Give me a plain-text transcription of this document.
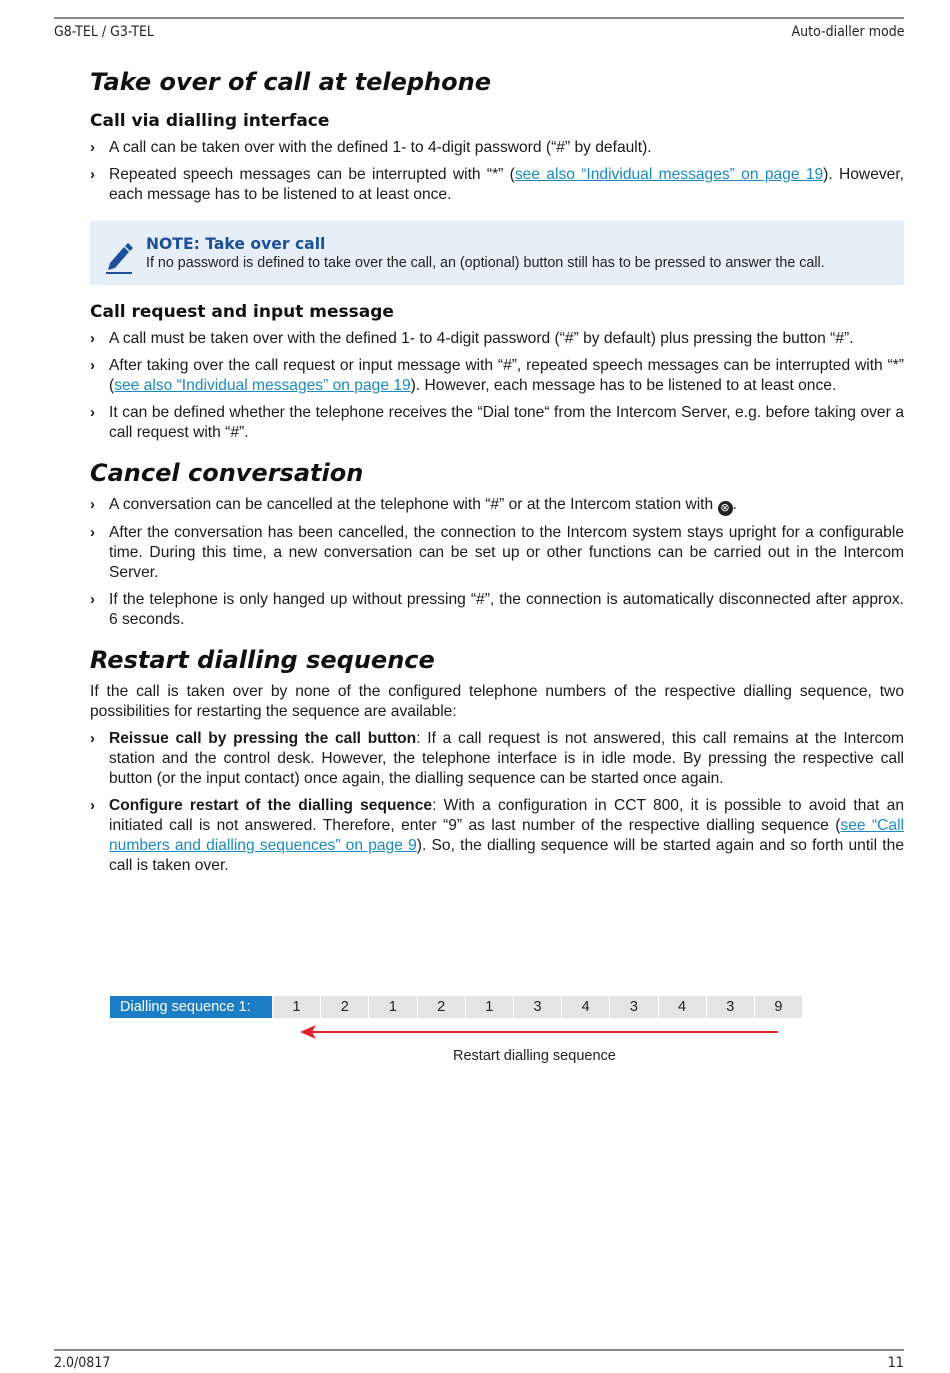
G8-TEL / G3-TEL	Auto-dialler mode
Take over of call at telephone
Call via dialling interface
› A call can be taken over with the defined 1- to 4-digit password (“#” by default).
› Repeated speech messages can be interrupted with “*” (see also “Individual messages” on page 19). However, each message has to be listened to at least once.
NOTE: Take over call
If no password is defined to take over the call, an (optional) button still has to be pressed to answer the call.
Call request and input message
› A call must be taken over with the defined 1- to 4-digit password (“#” by default) plus pressing the button “#”.
› After taking over the call request or input message with “#”, repeated speech messages can be interrupted with “*” (see also “Individual messages” on page 19). However, each message has to be listened to at least once.
› It can be defined whether the telephone receives the “Dial tone“ from the Intercom Server, e.g. before taking over a call request with “#”.
Cancel conversation
› A conversation can be cancelled at the telephone with “#” or at the Intercom station with ⊗ .
› After the conversation has been cancelled, the connection to the Intercom system stays upright for a configurable time. During this time, a new conversation can be set up or other functions can be carried out in the Intercom Server.
› If the telephone is only hanged up without pressing “#”, the connection is automatically disconnected after approx. 6 seconds.
Restart dialling sequence

If the call is taken over by none of the configured telephone numbers of the respective dialling sequence, two possibilities for restarting the sequence are available:

› Reissue call by pressing the call button: If a call request is not answered, this call remains at the Intercom station and the control desk. However, the telephone interface is in idle mode. By pressing the respective call button (or the input contact) once again, the dialling sequence can be started once again.
› Configure restart of the dialling sequence: With a configuration in CCT 800, it is possible to avoid that an initiated call is not answered. Therefore, enter “9” as last number of the respective dialling sequence (see “Call numbers and dialling sequences” on page 9). So, the dialling sequence will be started again and so forth until the call is taken over.
Dialling sequence 1:	1	2	1	2	1	3	4	3	4	3	9
Restart dialling sequence
2.0/0817	11
